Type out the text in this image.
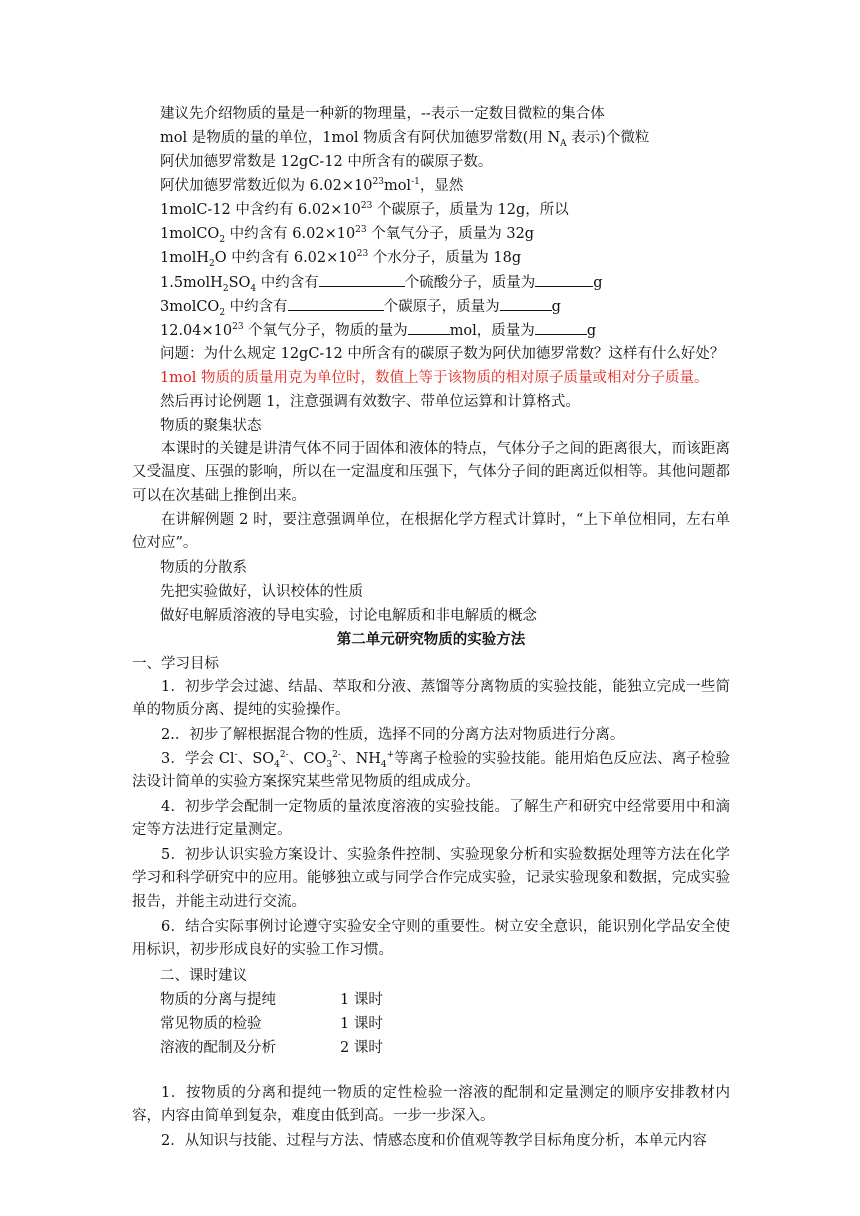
建议先介绍物质的量是一种新的物理量，--表示一定数目微粒的集合体
mol 是物质的量的单位，1mol 物质含有阿伏加德罗常数(用 $N_A$ 表示)个微粒
阿伏加德罗常数是 12gC-12 中所含有的碳原子数。
阿伏加德罗常数近似为 $6.02\times 10^{23}mol^{-1}$，显然
1molC-12 中含约有 $6.02\times 10^{23}$ 个碳原子，质量为 12g，所以
1molCO$_2$ 中约含有 $6.02\times 10^{23}$ 个氧气分子，质量为 32g
1molH$_2$O 中约含有 $6.02\times 10^{23}$ 个水分子，质量为 18g
$1.5molH_2SO_4$ 中约含有	个硫酸分子，质量为	g
3molCO$_2$ 中约含有	个碳原子，质量为	g
$12.04\times 10^{23}$ 个氧气分子，物质的量为	mol，质量为	g
问题：为什么规定 12gC-12 中所含有的碳原子数为阿伏加德罗常数？这样有什么好处？
1mol 物质的质量用克为单位时，数值上等于该物质的相对原子质量或相对分子质量。
然后再讨论例题 1，注意强调有效数字、带单位运算和计算格式。
物质的聚集状态
本课时的关键是讲清气体不同于固体和液体的特点，气体分子之间的距离很大，而该距离又受温度、压强的影响，所以在一定温度和压强下，气体分子间的距离近似相等。其他问题都可以在次基础上推倒出来。
在讲解例题 2 时，要注意强调单位，在根据化学方程式计算时，“上下单位相同，左右单位对应”。
物质的分散系
先把实验做好，认识校体的性质
做好电解质溶液的导电实验，讨论电解质和非电解质的概念
第二单元研究物质的实验方法
一、学习目标
1．初步学会过滤、结晶、萃取和分液、蒸馏等分离物质的实验技能，能独立完成一些简单的物质分离、提纯的实验操作。
2.．初步了解根据混合物的性质，选择不同的分离方法对物质进行分离。
3．学会 Cl-、$SO_4^{2-}$、$CO_3^{2-}$、$NH_4^+$等离子检验的实验技能。能用焰色反应法、离子检验法设计简单的实验方案探究某些常见物质的组成成分。
4．初步学会配制一定物质的量浓度溶液的实验技能。了解生产和研究中经常要用中和滴定等方法进行定量测定。
5．初步认识实验方案设计、实验条件控制、实验现象分析和实验数据处理等方法在化学学习和科学研究中的应用。能够独立或与同学合作完成实验，记录实验现象和数据，完成实验报告，并能主动进行交流。
6．结合实际事例讨论遵守实验安全守则的重要性。树立安全意识，能识别化学品安全使用标识，初步形成良好的实验工作习惯。
二、课时建议
物质的分离与提纯	1 课时
常见物质的检验	1 课时
溶液的配制及分析	2 课时
1．按物质的分离和提纯一物质的定性检验一溶液的配制和定量测定的顺序安排教材内容，内容由简单到复杂，难度由低到高。一步一步深入。
2．从知识与技能、过程与方法、情感态度和价值观等教学目标角度分析，本单元内容
